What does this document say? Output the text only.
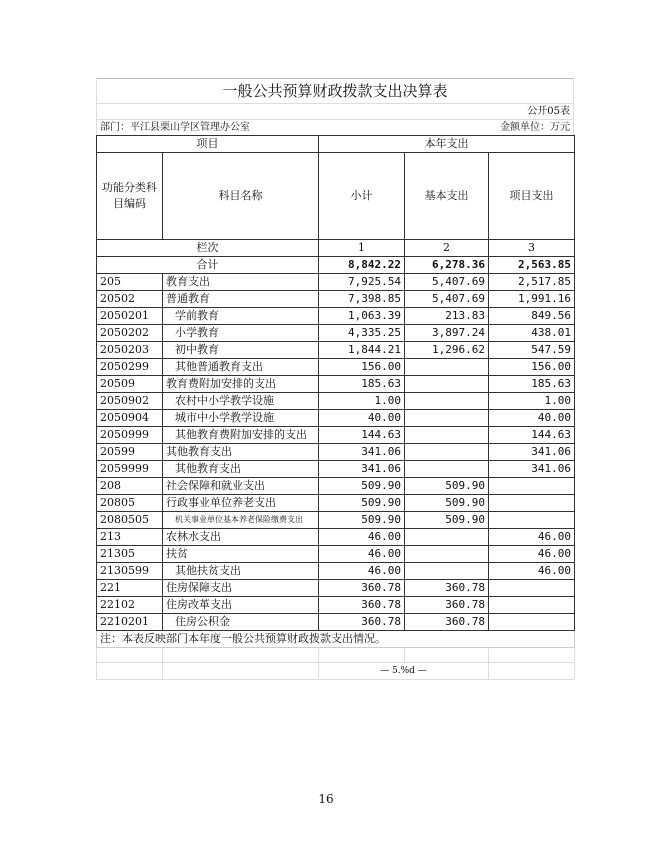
一般公共预算财政拨款支出决算表
公开05表
部门：平江县栗山学区管理办公室	金额单位：万元
项目		本年支出		
功能分类科目编码	科目名称	小计	基本支出	项目支出
栏次		1	2	3
合计		8,842.22	6,278.36	2,563.85
205	教育支出	7,925.54	5,407.69	2,517.85
20502	普通教育	7,398.85	5,407.69	1,991.16
2050201	学前教育	1,063.39	213.83	849.56
2050202	小学教育	4,335.25	3,897.24	438.01
2050203	初中教育	1,844.21	1,296.62	547.59
2050299	其他普通教育支出	156.00		156.00
20509	教育费附加安排的支出	185.63		185.63
2050902	农村中小学教学设施	1.00		1.00
2050904	城市中小学教学设施	40.00		40.00
2050999	其他教育费附加安排的支出	144.63		144.63
20599	其他教育支出	341.06		341.06
2059999	其他教育支出	341.06		341.06
208	社会保障和就业支出	509.90	509.90	
20805	行政事业单位养老支出	509.90	509.90	
2080505	机关事业单位基本养老保险缴费支出	509.90	509.90	
213	农林水支出	46.00		46.00
21305	扶贫	46.00		46.00
2130599	其他扶贫支出	46.00		46.00
221	住房保障支出	360.78	360.78	
22102	住房改革支出	360.78	360.78	
2210201	住房公积金	360.78	360.78	
注：本表反映部门本年度一般公共预算财政拨款支出情况。				

		— 5.%d —		
16
